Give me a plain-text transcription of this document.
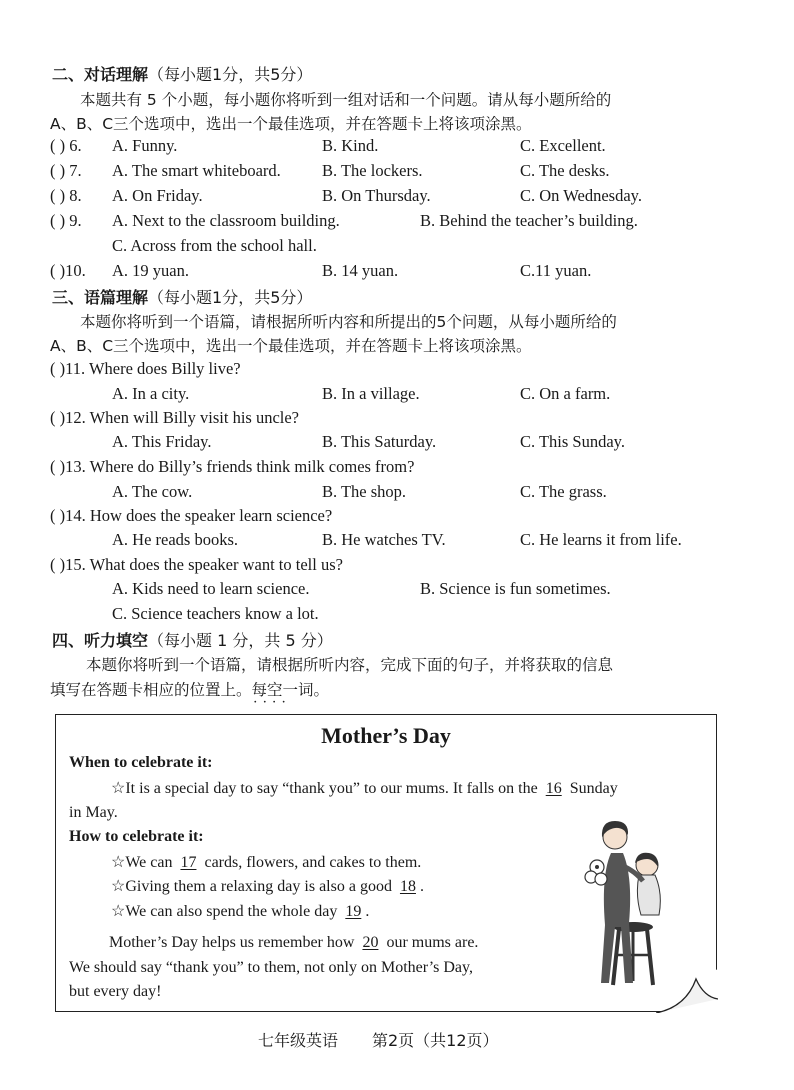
二、对话理解（每小题1分，共5分）
本题共有 5 个小题，每小题你将听到一组对话和一个问题。请从每小题所给的
A、B、C三个选项中，选出一个最佳选项，并在答题卡上将该项涂黑。
( ) 6. A. Funny.	B. Kind.	C. Excellent.
( ) 7. A. The smart whiteboard. B. The lockers.	C. The desks.
( ) 8. A. On Friday.	B. On Thursday.	C. On Wednesday.
( ) 9. A. Next to the classroom building.	B. Behind the teacher’s building.
C. Across from the school hall.
( )10. A. 19 yuan.	B. 14 yuan.	C.11 yuan.
三、语篇理解（每小题1分，共5分）
本题你将听到一个语篇，请根据所听内容和所提出的5个问题，从每小题所给的
A、B、C三个选项中，选出一个最佳选项，并在答题卡上将该项涂黑。
( )11. Where does Billy live?
A. In a city.	B. In a village.	C. On a farm.
( )12. When will Billy visit his uncle?
A. This Friday.	B. This Saturday.	C. This Sunday.
( )13. Where do Billy’s friends think milk comes from?
A. The cow.	B. The shop.	C. The grass.
( )14. How does the speaker learn science?
A. He reads books.	B. He watches TV.	C. He learns it from life.
( )15. What does the speaker want to tell us?
A. Kids need to learn science.	B. Science is fun sometimes.
C. Science teachers know a lot.
四、听力填空（每小题 1 分，共 5 分）
本题你将听到一个语篇，请根据所听内容，完成下面的句子，并将获取的信息
填写在答题卡相应的位置上。每空一词 • • • •。
Mother’s Day
When to celebrate it:
☆It is a special day to say “thank you” to our mums. It falls on the 16 Sunday
in May.
How to celebrate it:
☆We can 17 cards, flowers, and cakes to them.
☆Giving them a relaxing day is also a good 18 .
☆We can also spend the whole day 19 .
Mother’s Day helps us remember how 20 our mums are.
We should say “thank you” to them, not only on Mother’s Day,
but every day!
七年级英语 第2页（共12页）
